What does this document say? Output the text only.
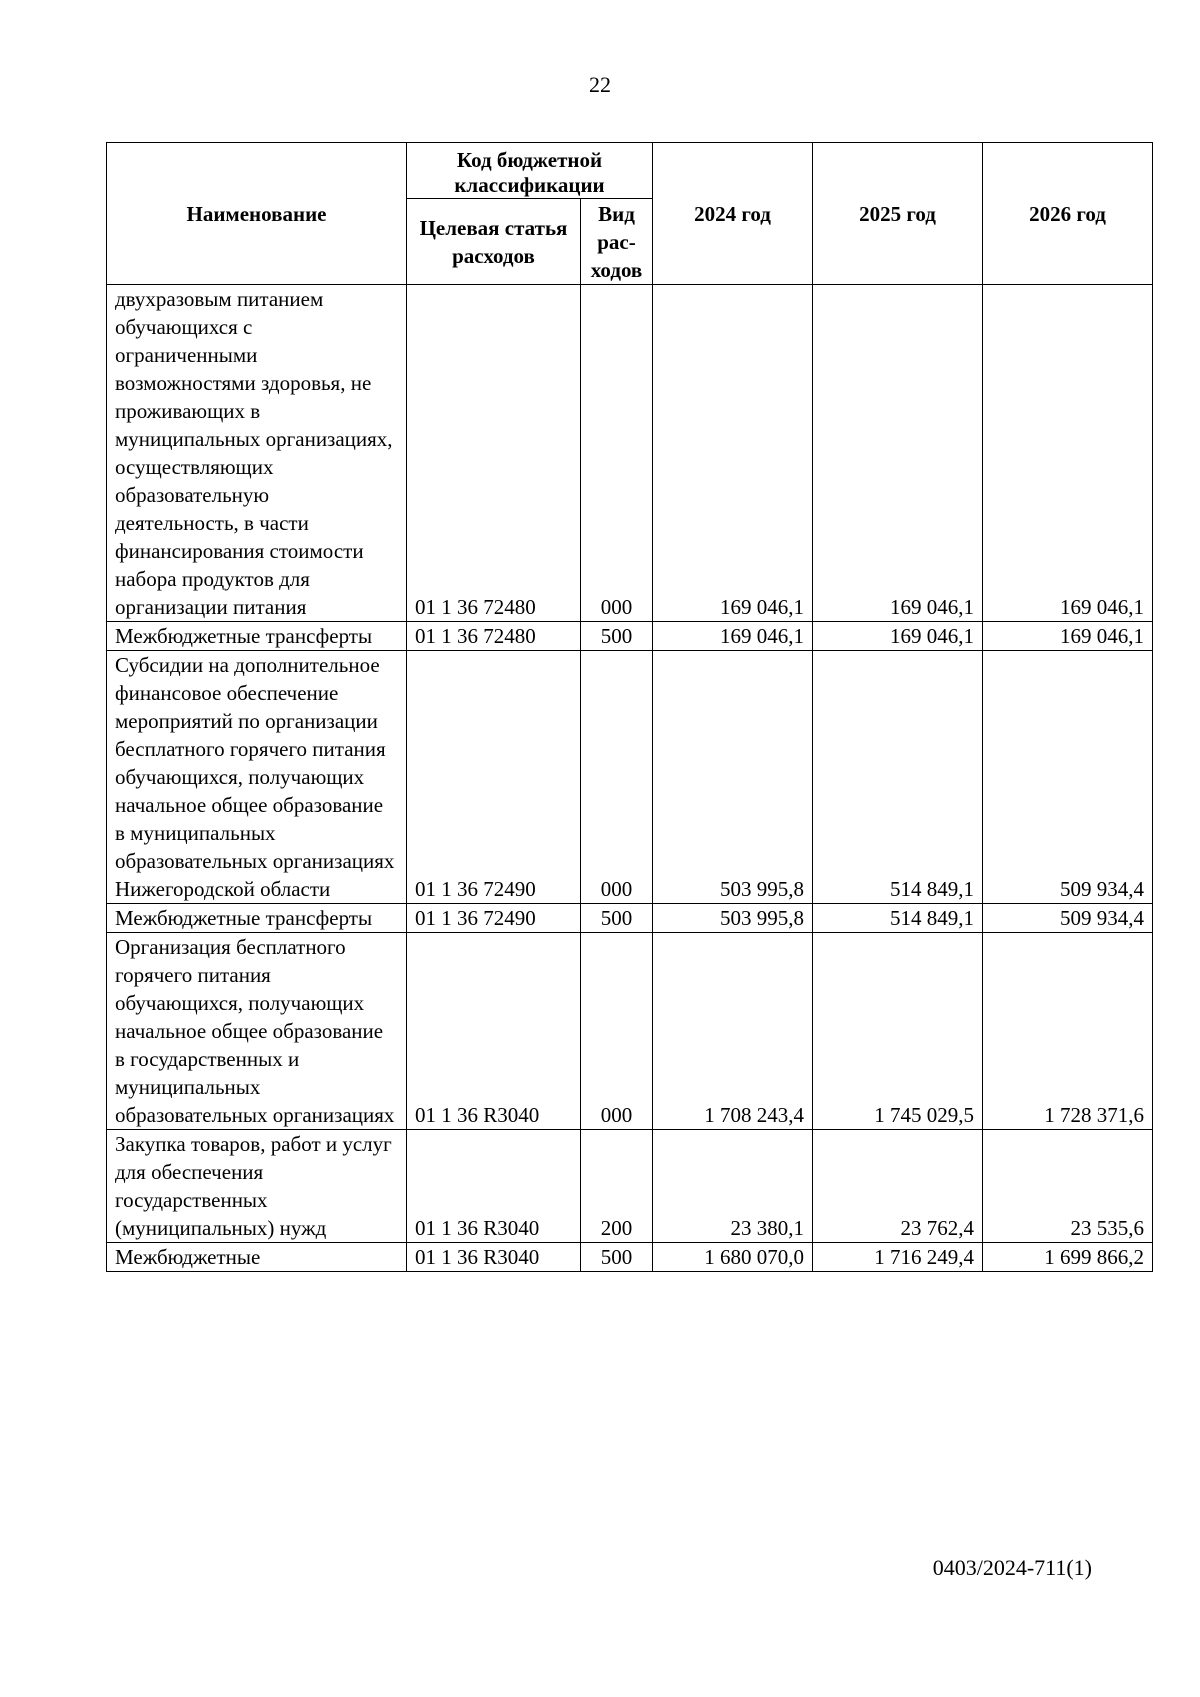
22
Наименование	Код бюджетной классификации		2024 год	2025 год	2026 год
	Целевая статья расходов	Вид рас- ходов			
двухразовым питанием обучающихся с ограниченными возможностями здоровья, не проживающих в муниципальных организациях, осуществляющих образовательную деятельность, в части финансирования стоимости набора продуктов для организации питания	01 1 36 72480	000	169 046,1	169 046,1	169 046,1
Межбюджетные трансферты	01 1 36 72480	500	169 046,1	169 046,1	169 046,1
Субсидии на дополнительное финансовое обеспечение мероприятий по организации бесплатного горячего питания обучающихся, получающих начальное общее образование в муниципальных образовательных организациях Нижегородской области	01 1 36 72490	000	503 995,8	514 849,1	509 934,4
Межбюджетные трансферты	01 1 36 72490	500	503 995,8	514 849,1	509 934,4
Организация бесплатного горячего питания обучающихся, получающих начальное общее образование в государственных и муниципальных образовательных организациях	01 1 36 R3040	000	1 708 243,4	1 745 029,5	1 728 371,6
Закупка товаров, работ и услуг для обеспечения государственных (муниципальных) нужд	01 1 36 R3040	200	23 380,1	23 762,4	23 535,6
Межбюджетные	01 1 36 R3040	500	1 680 070,0	1 716 249,4	1 699 866,2
0403/2024-711(1)
